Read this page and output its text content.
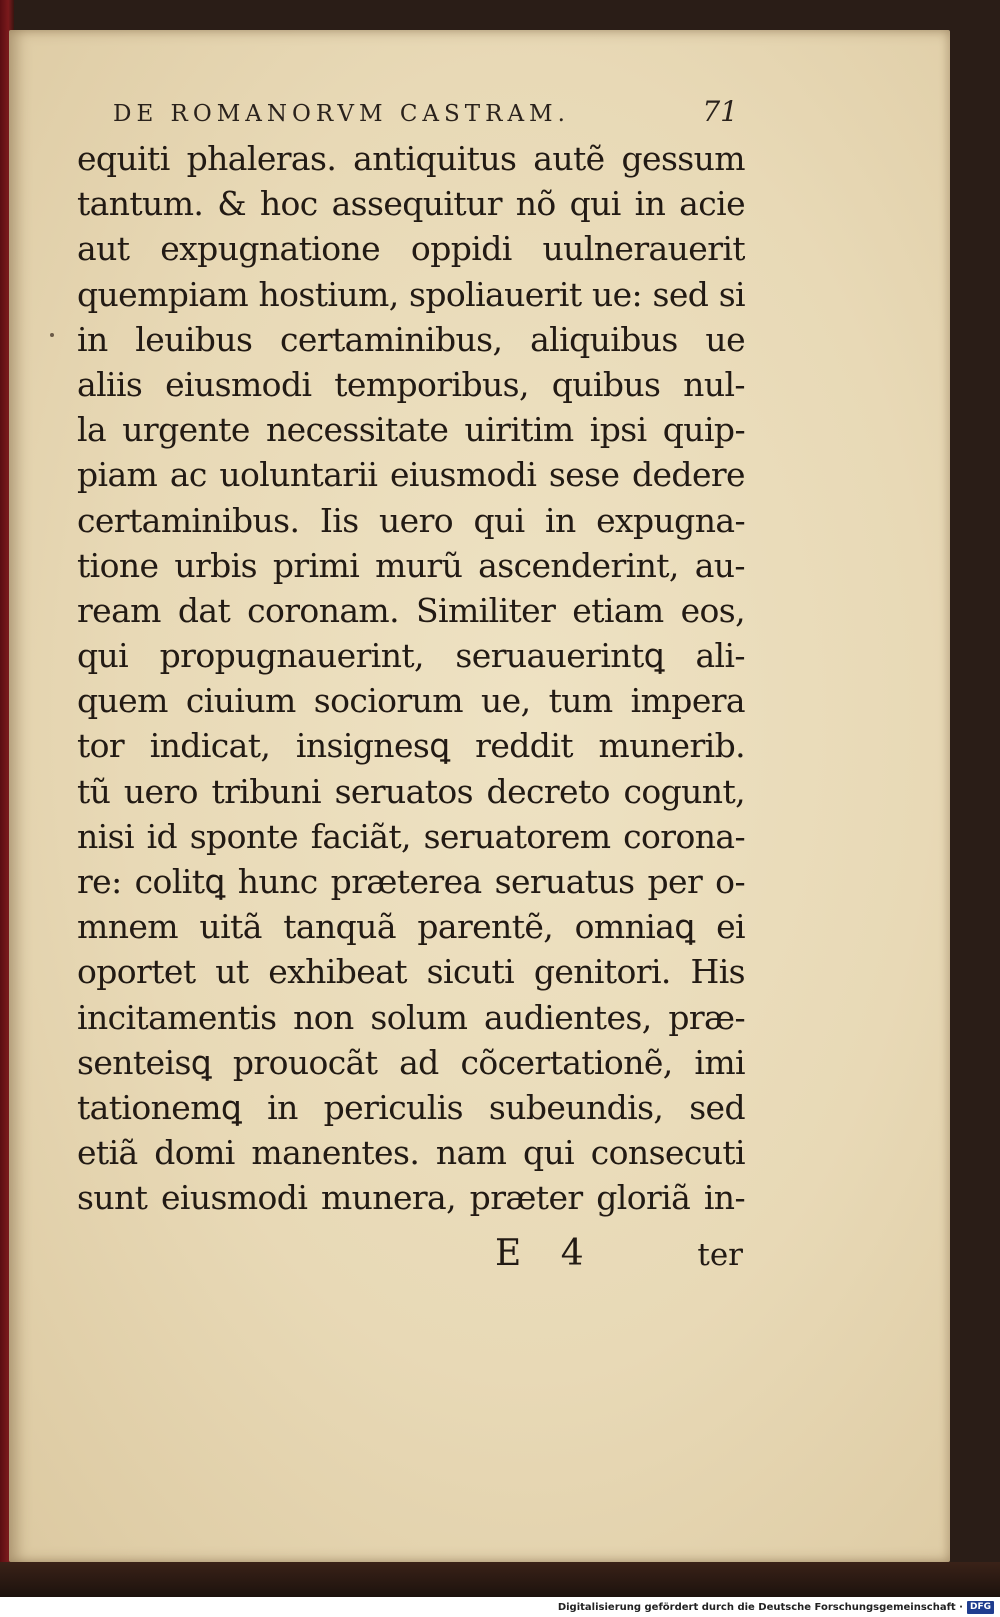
DE ROMANORVM CASTRAM.	71
equiti phaleras. antiquitus autẽ gessum
tantum. & hoc assequitur nõ qui in acie
aut expugnatione oppidi uulnerauerit
quempiam hostium, spoliauerit ue: sed si
in leuibus certaminibus, aliquibus ue
aliis eiusmodi temporibus, quibus nul-
la urgente necessitate uiritim ipsi quip-
piam ac uoluntarii eiusmodi sese dedere
certaminibus. Iis uero qui in expugna-
tione urbis primi murũ ascenderint, au-
ream dat coronam. Similiter etiam eos,
qui propugnauerint, seruauerintꝗ ali-
quem ciuium sociorum ue, tum impera
tor indicat, insignesꝗ reddit munerib.
tũ uero tribuni seruatos decreto cogunt,
nisi id sponte faciãt, seruatorem corona-
re: colitꝗ hunc præterea seruatus per o-
mnem uitã tanquã parentẽ, omniaꝗ ei
oportet ut exhibeat sicuti genitori. His
incitamentis non solum audientes, præ-
senteisꝗ prouocãt ad cõcertationẽ, imi
tationemꝗ in periculis subeundis, sed
etiã domi manentes. nam qui consecuti
sunt eiusmodi munera, præter gloriã in-
E 4	ter
Digitalisierung gefördert durch die Deutsche Forschungsgemeinschaft · DFG
